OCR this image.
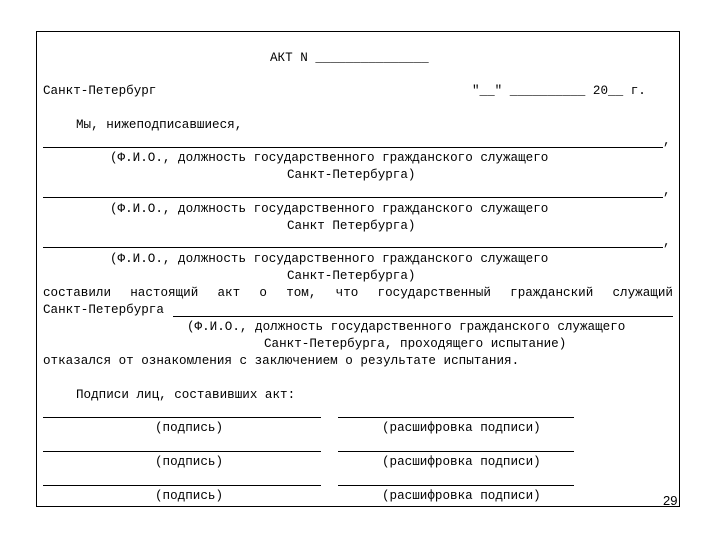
АКТ N _______________
Санкт-Петербург	"__" __________ 20__ г.
Мы, нижеподписавшиеся,
,
(Ф.И.О., должность государственного гражданского служащего
Санкт-Петербурга)
,
(Ф.И.О., должность государственного гражданского служащего
Санкт Петербурга)
,
(Ф.И.О., должность государственного гражданского служащего
Санкт-Петербурга)
составили настоящий акт о том, что государственный гражданский служащий
Санкт-Петербурга
(Ф.И.О., должность государственного гражданского служащего
Санкт-Петербурга, проходящего испытание)
отказался от ознакомления с заключением о результате испытания.
Подписи лиц, составивших акт:
(подпись)	(расшифровка подписи)
(подпись)	(расшифровка подписи)
(подпись)	(расшифровка подписи)	29
